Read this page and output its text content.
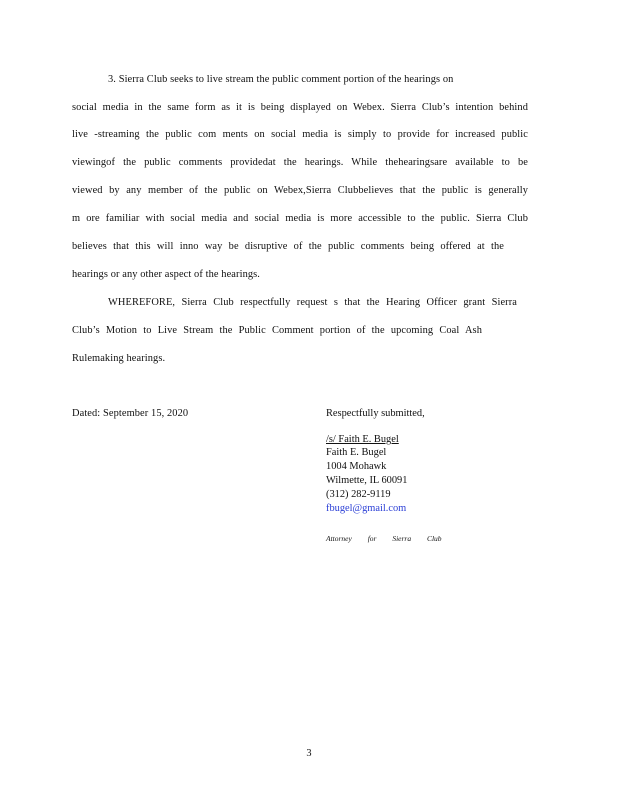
3. Sierra Club seeks to live stream the public comment portion of the hearings on
social media in the same form as it is being displayed on Webex. Sierra Club’s intention behind
live -streaming the public com ments on social media is simply to provide for increased public
viewingof the public comments providedat the hearings. While thehearingsare available to be
viewed by any member of the public on Webex,Sierra Clubbelieves that the public is generally
m ore familiar with social media and social media is more accessible to the public. Sierra Club
believes that this will inno way be disruptive of the public comments being offered at the
hearings or any other aspect of the hearings.
WHEREFORE, Sierra Club respectfully request s that the Hearing Officer grant Sierra
Club’s Motion to Live Stream the Public Comment portion of the upcoming Coal Ash
Rulemaking hearings.
Dated: September 15, 2020	Respectfully submitted,
/s/ Faith E. Bugel
Faith E. Bugel
1004 Mohawk
Wilmette, IL 60091
(312) 282-9119
fbugel@gmail.com
Attorney for Sierra Club
3
